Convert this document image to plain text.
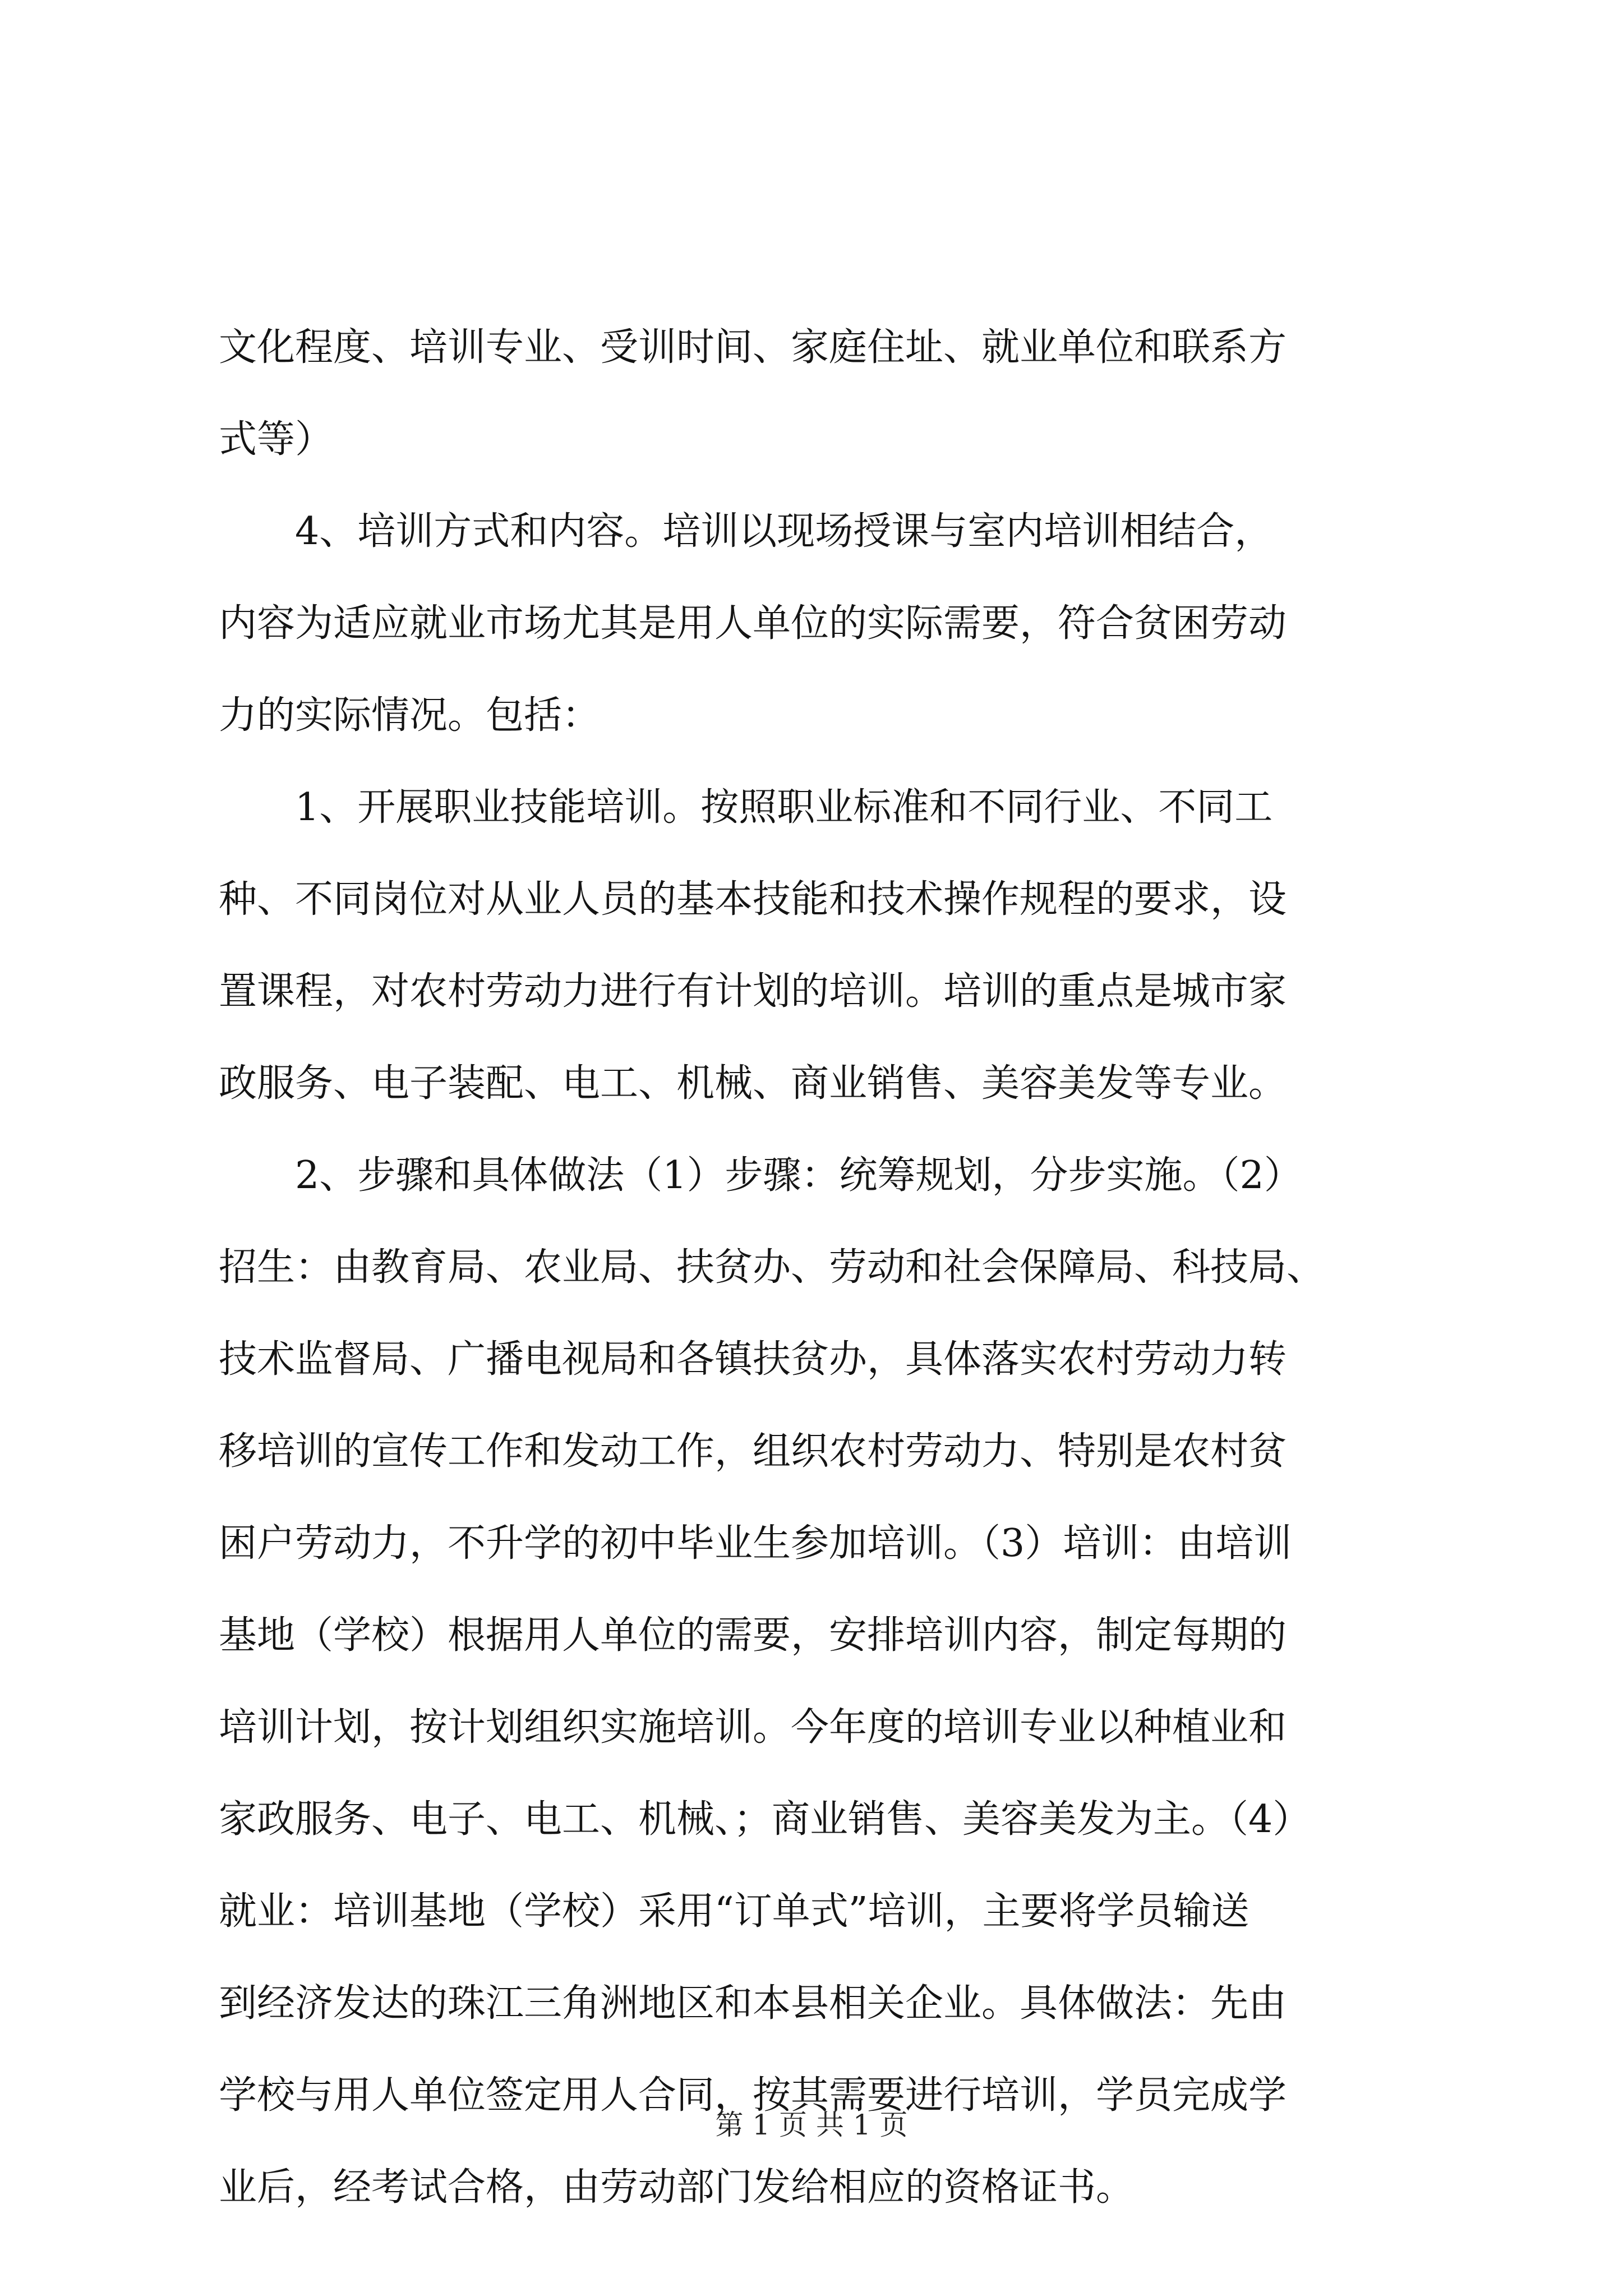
文化程度、培训专业、受训时间、家庭住址、就业单位和联系方
式等）
　　4、培训方式和内容。培训以现场授课与室内培训相结合，
内容为适应就业市场尤其是用人单位的实际需要，符合贫困劳动
力的实际情况。包括：
　　1、开展职业技能培训。按照职业标准和不同行业、不同工
种、不同岗位对从业人员的基本技能和技术操作规程的要求，设
置课程，对农村劳动力进行有计划的培训。培训的重点是城市家
政服务、电子装配、电工、机械、商业销售、美容美发等专业。
　　2、步骤和具体做法（1）步骤：统筹规划，分步实施。（2）
招生：由教育局、农业局、扶贫办、劳动和社会保障局、科技局、
技术监督局、广播电视局和各镇扶贫办，具体落实农村劳动力转
移培训的宣传工作和发动工作，组织农村劳动力、特别是农村贫
困户劳动力，不升学的初中毕业生参加培训。（3）培训：由培训
基地（学校）根据用人单位的需要，安排培训内容，制定每期的
培训计划，按计划组织实施培训。今年度的培训专业以种植业和
家政服务、电子、电工、机械、；商业销售、美容美发为主。（4）
就业：培训基地（学校）采用“订单式”培训，主要将学员输送
到经济发达的珠江三角洲地区和本县相关企业。具体做法：先由
学校与用人单位签定用人合同，按其需要进行培训，学员完成学
业后，经考试合格，由劳动部门发给相应的资格证书。
第 1 页 共 1 页
